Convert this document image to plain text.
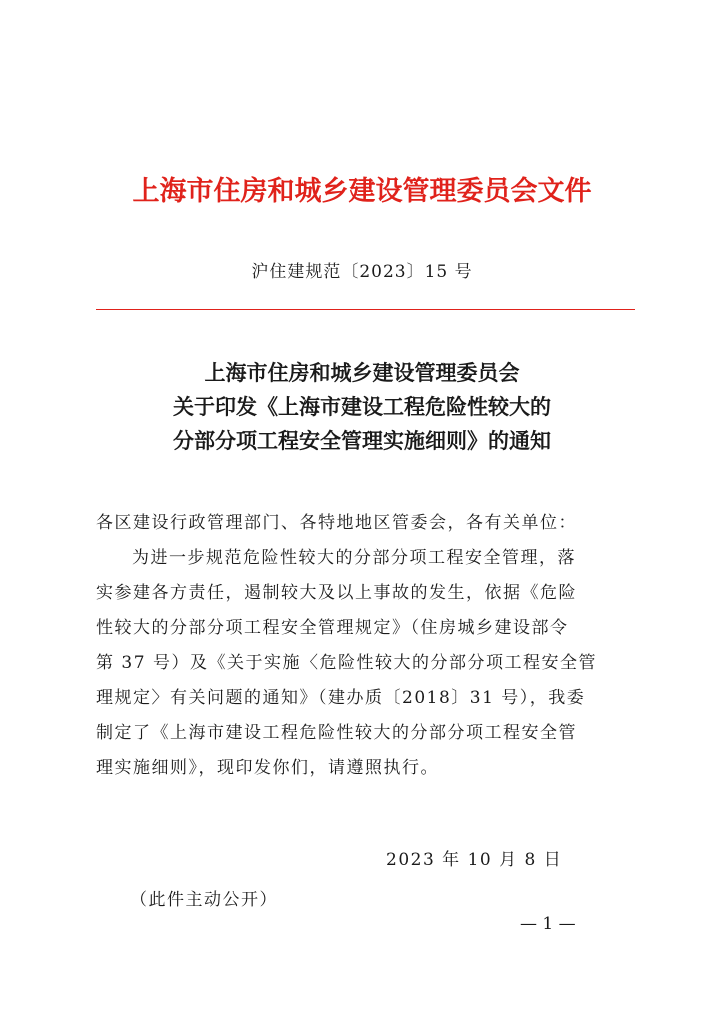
上海市住房和城乡建设管理委员会文件
沪住建规范〔2023〕15 号
上海市住房和城乡建设管理委员会
关于印发《上海市建设工程危险性较大的
分部分项工程安全管理实施细则》的通知
各区建设行政管理部门、各特地地区管委会，各有关单位：
为进一步规范危险性较大的分部分项工程安全管理，落
实参建各方责任，遏制较大及以上事故的发生，依据《危险
性较大的分部分项工程安全管理规定》（住房城乡建设部令
第 37 号）及《关于实施〈危险性较大的分部分项工程安全管
理规定〉有关问题的通知》（建办质〔2018〕31 号），我委
制定了《上海市建设工程危险性较大的分部分项工程安全管
理实施细则》，现印发你们，请遵照执行。
2023 年 10 月 8 日
（此件主动公开）
— 1 —
